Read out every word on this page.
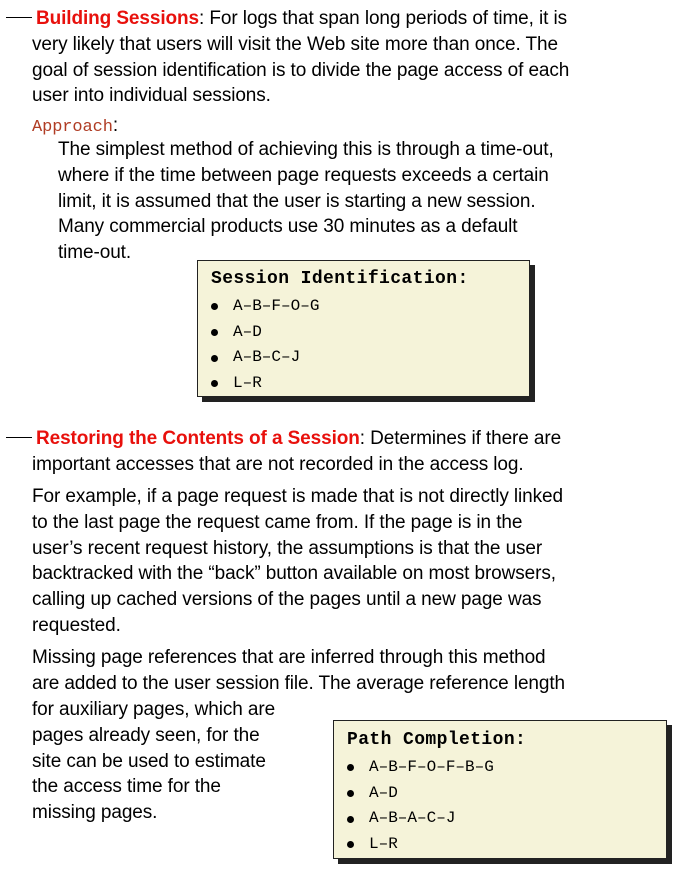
Building Sessions: For logs that span long periods of time, it is
very likely that users will visit the Web site more than once. The
goal of session identification is to divide the page access of each
user into individual sessions.
Approach:
The simplest method of achieving this is through a time-out,
where if the time between page requests exceeds a certain
limit, it is assumed that the user is starting a new session.
Many commercial products use 30 minutes as a default
time-out.
Session Identification:
A–B–F–O–G
A–D
A–B–C–J
L–R
Restoring the Contents of a Session: Determines if there are
important accesses that are not recorded in the access log.
For example, if a page request is made that is not directly linked
to the last page the request came from. If the page is in the
user’s recent request history, the assumptions is that the user
backtracked with the “back” button available on most browsers,
calling up cached versions of the pages until a new page was
requested.
Missing page references that are inferred through this method
are added to the user session file. The average reference length
for auxiliary pages, which are
pages already seen, for the
site can be used to estimate
the access time for the
missing pages.
Path Completion:
A–B–F–O–F–B–G
A–D
A–B–A–C–J
L–R
